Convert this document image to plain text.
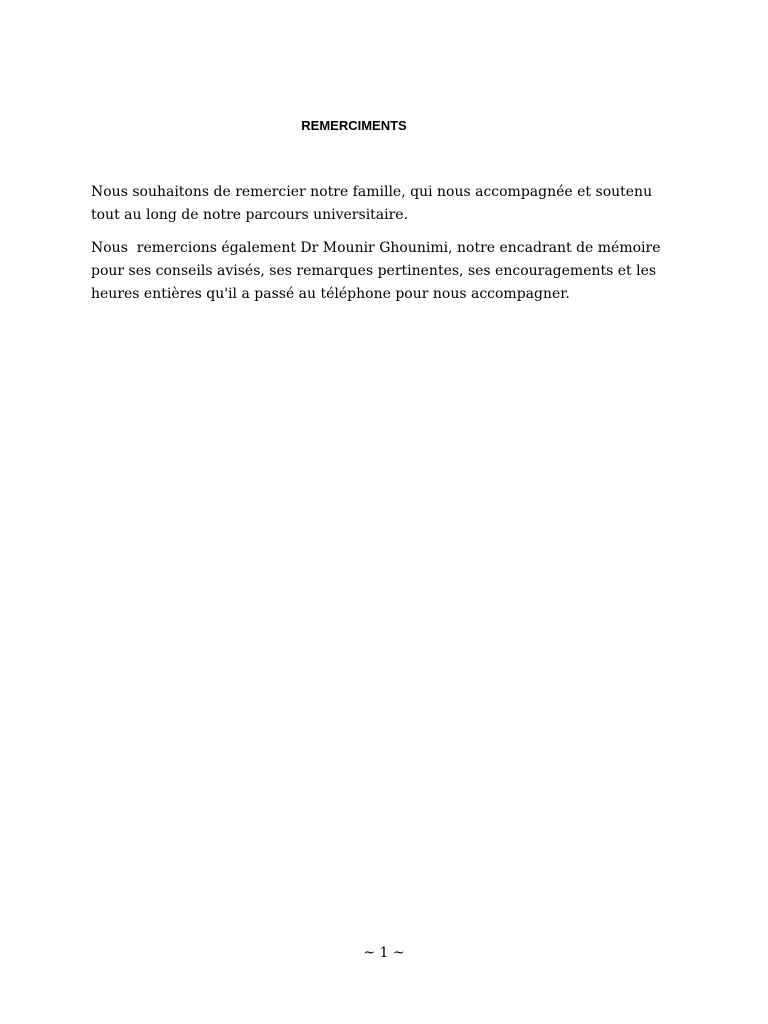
REMERCIMENTS

Nous souhaitons de remercier notre famille, qui nous accompagnée et soutenu tout au long de notre parcours universitaire.

Nous  remercions également Dr Mounir Ghounimi, notre encadrant de mémoire pour ses conseils avisés, ses remarques pertinentes, ses encouragements et les heures entières qu'il a passé au téléphone pour nous accompagner.

~ 1 ~
